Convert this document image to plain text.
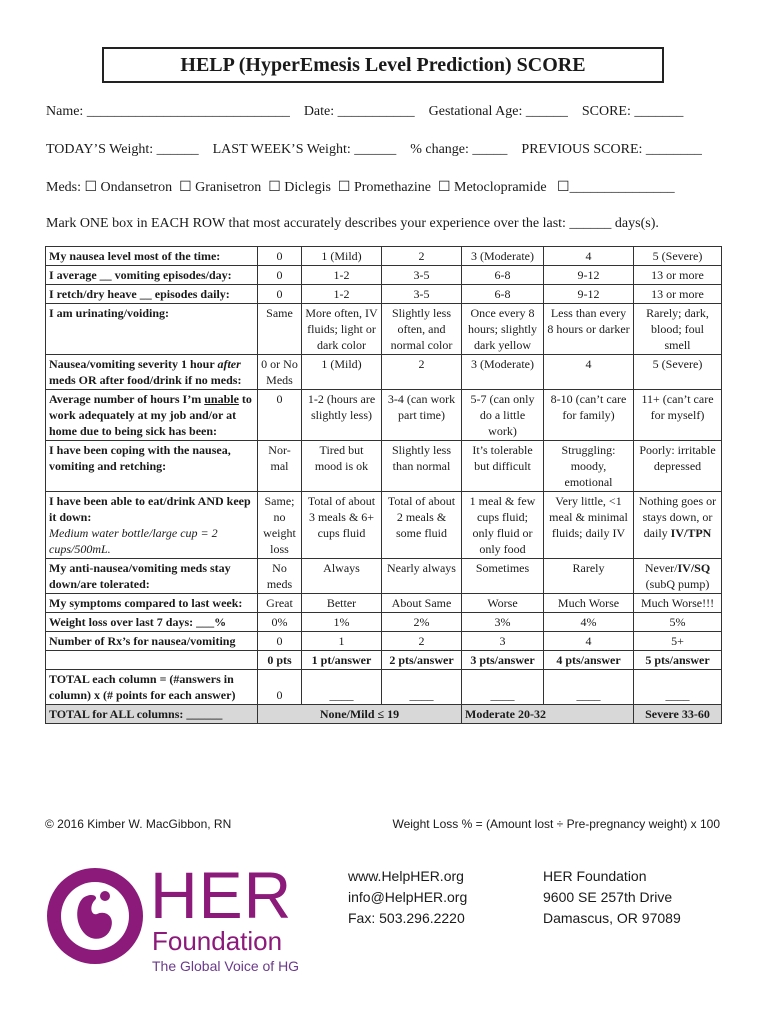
HELP (HyperEmesis Level Prediction) SCORE
Name: _____________________________    Date: ___________    Gestational Age: ______    SCORE: _______
TODAY’S Weight: ______    LAST WEEK’S Weight: ______    % change: _____    PREVIOUS SCORE: ________
Meds: ☐ Ondansetron  ☐ Granisetron  ☐ Diclegis  ☐ Promethazine  ☐ Metoclopramide   ☐_______________
Mark ONE box in EACH ROW that most accurately describes your experience over the last: ______ days(s).
My nausea level most of the time:	0	1 (Mild)	2	3 (Moderate)	4	5 (Severe)
I average __ vomiting episodes/day:	0	1-2	3-5	6-8	9-12	13 or more
I retch/dry heave __ episodes daily:	0	1-2	3-5	6-8	9-12	13 or more
I am urinating/voiding:	Same	More often, IV fluids; light or dark color	Slightly less often, and normal color	Once every 8 hours; slightly dark yellow	Less than every 8 hours or darker	Rarely; dark, blood; foul smell
Nausea/vomiting severity 1 hour after meds OR after food/drink if no meds:	0 or No Meds	1 (Mild)	2	3 (Moderate)	4	5 (Severe)
Average number of hours I’m unable to work adequately at my job and/or at home due to being sick has been:	0	1-2 (hours are slightly less)	3-4 (can work part time)	5-7 (can only do a little work)	8-10 (can’t care for family)	11+ (can’t care for myself)
I have been coping with the nausea, vomiting and retching:	Nor-mal	Tired but mood is ok	Slightly less than normal	It’s tolerable but difficult	Struggling: moody, emotional	Poorly: irritable depressed
I have been able to eat/drink AND keep it down:
Medium water bottle/large cup = 2 cups/500mL.	Same; no weight loss	Total of about 3 meals & 6+ cups fluid	Total of about 2 meals & some fluid	1 meal & few cups fluid; only fluid or only food	Very little, <1 meal & minimal fluids; daily IV	Nothing goes or stays down, or daily IV/TPN
My anti-nausea/vomiting meds stay down/are tolerated:	No meds	Always	Nearly always	Sometimes	Rarely	Never/IV/SQ
(subQ pump)
My symptoms compared to last week:	Great	Better	About Same	Worse	Much Worse	Much Worse!!!
Weight loss over last 7 days: ___%	0%	1%	2%	3%	4%	5%
Number of Rx’s for nausea/vomiting	0	1	2	3	4	5+
	0 pts	1 pt/answer	2 pts/answer	3 pts/answer	4 pts/answer	5 pts/answer
TOTAL each column = (#answers in column) x (# points for each answer)	0	____	____	____	____	____
TOTAL for ALL columns: ______	None/Mild ≤ 19			Moderate 20-32		Severe 33-60
© 2016 Kimber W. MacGibbon, RN	Weight Loss % = (Amount lost ÷ Pre-pregnancy weight) x 100
HER
Foundation
The Global Voice of HG
www.HelpHER.org
info@HelpHER.org
Fax: 503.296.2220
HER Foundation
9600 SE 257th Drive
Damascus, OR 97089
